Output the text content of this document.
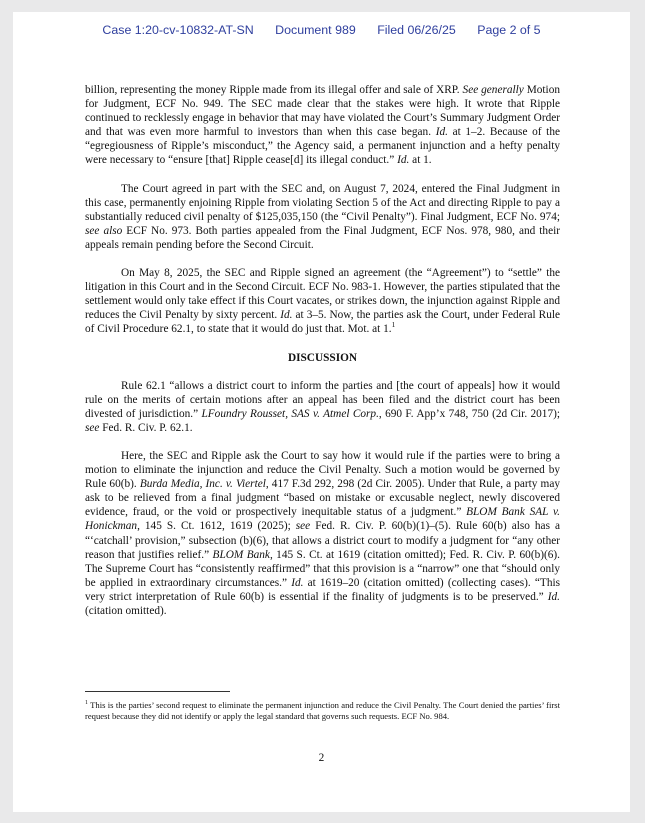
Case 1:20-cv-10832-AT-SN Document 989 Filed 06/26/25 Page 2 of 5

billion, representing the money Ripple made from its illegal offer and sale of XRP. See generally Motion for Judgment, ECF No. 949. The SEC made clear that the stakes were high. It wrote that Ripple continued to recklessly engage in behavior that may have violated the Court’s Summary Judgment Order and that was even more harmful to investors than when this case began. Id. at 1–2. Because of the “egregiousness of Ripple’s misconduct,” the Agency said, a permanent injunction and a hefty penalty were necessary to “ensure [that] Ripple cease[d] its illegal conduct.” Id. at 1.

The Court agreed in part with the SEC and, on August 7, 2024, entered the Final Judgment in this case, permanently enjoining Ripple from violating Section 5 of the Act and directing Ripple to pay a substantially reduced civil penalty of $125,035,150 (the “Civil Penalty”). Final Judgment, ECF No. 974; see also ECF No. 973. Both parties appealed from the Final Judgment, ECF Nos. 978, 980, and their appeals remain pending before the Second Circuit.

On May 8, 2025, the SEC and Ripple signed an agreement (the “Agreement”) to “settle” the litigation in this Court and in the Second Circuit. ECF No. 983-1. However, the parties stipulated that the settlement would only take effect if this Court vacates, or strikes down, the injunction against Ripple and reduces the Civil Penalty by sixty percent. Id. at 3–5. Now, the parties ask the Court, under Federal Rule of Civil Procedure 62.1, to state that it would do just that. Mot. at 1.$^1$

DISCUSSION

Rule 62.1 “allows a district court to inform the parties and [the court of appeals] how it would rule on the merits of certain motions after an appeal has been filed and the district court has been divested of jurisdiction.” LFoundry Rousset, SAS v. Atmel Corp., 690 F. App’x 748, 750 (2d Cir. 2017); see Fed. R. Civ. P. 62.1.

Here, the SEC and Ripple ask the Court to say how it would rule if the parties were to bring a motion to eliminate the injunction and reduce the Civil Penalty. Such a motion would be governed by Rule 60(b). Burda Media, Inc. v. Viertel, 417 F.3d 292, 298 (2d Cir. 2005). Under that Rule, a party may ask to be relieved from a final judgment “based on mistake or excusable neglect, newly discovered evidence, fraud, or the void or prospectively inequitable status of a judgment.” BLOM Bank SAL v. Honickman, 145 S. Ct. 1612, 1619 (2025); see Fed. R. Civ. P. 60(b)(1)–(5). Rule 60(b) also has a “‘catchall’ provision,” subsection (b)(6), that allows a district court to modify a judgment for “any other reason that justifies relief.” BLOM Bank, 145 S. Ct. at 1619 (citation omitted); Fed. R. Civ. P. 60(b)(6). The Supreme Court has “consistently reaffirmed” that this provision is a “narrow” one that “should only be applied in extraordinary circumstances.” Id. at 1619–20 (citation omitted) (collecting cases). “This very strict interpretation of Rule 60(b) is essential if the finality of judgments is to be preserved.” Id. (citation omitted).

$^1$ This is the parties’ second request to eliminate the permanent injunction and reduce the Civil Penalty. The Court denied the parties’ first request because they did not identify or apply the legal standard that governs such requests. ECF No. 984.
2
